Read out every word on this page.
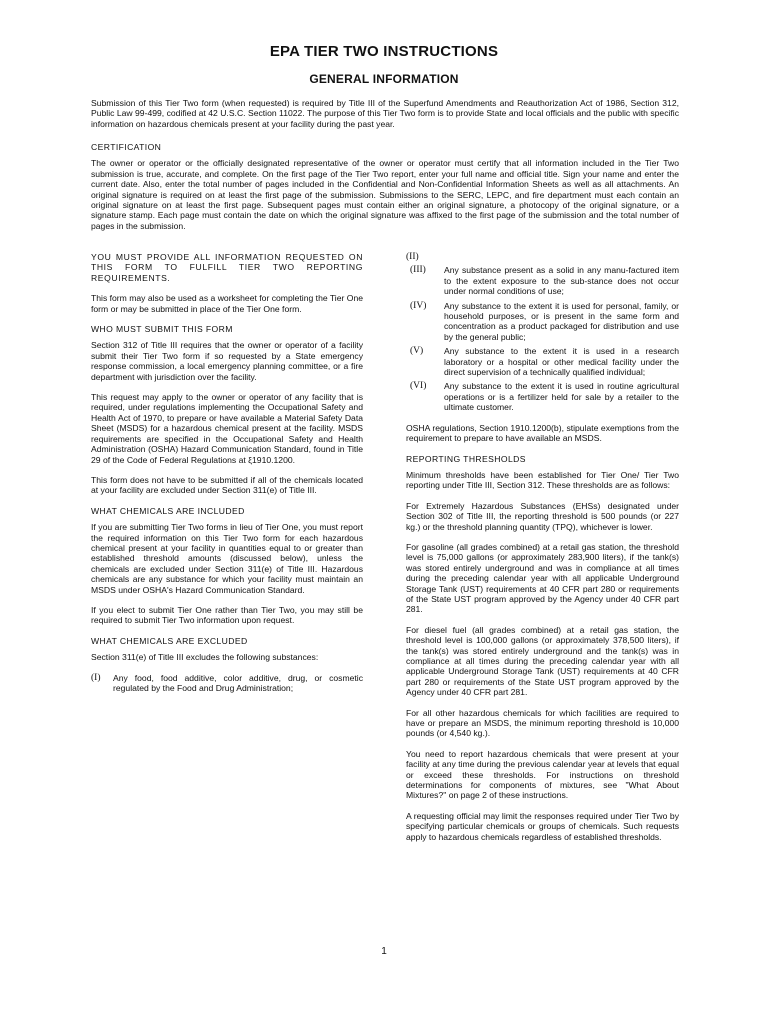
EPA TIER TWO INSTRUCTIONS
GENERAL INFORMATION

Submission of this Tier Two form (when requested) is required by Title III of the Superfund Amendments and Reauthorization Act of 1986, Section 312, Public Law 99-499, codified at 42 U.S.C. Section 11022. The purpose of this Tier Two form is to provide State and local officials and the public with specific information on hazardous chemicals present at your facility during the past year.

CERTIFICATION

The owner or operator or the officially designated representative of the owner or operator must certify that all information included in the Tier Two submission is true, accurate, and complete. On the first page of the Tier Two report, enter your full name and official title. Sign your name and enter the current date. Also, enter the total number of pages included in the Confidential and Non-Confidential Information Sheets as well as all attachments. An original signature is required on at least the first page of the submission. Submissions to the SERC, LEPC, and fire department must each contain an original signature on at least the first page. Subsequent pages must contain either an original signature, a photocopy of the original signature, or a signature stamp. Each page must contain the date on which the original signature was affixed to the first page of the submission and the total number of pages in the submission.

YOU MUST PROVIDE ALL INFORMATION REQUESTED ON THIS FORM TO FULFILL TIER TWO REPORTING REQUIREMENTS.

This form may also be used as a worksheet for completing the Tier One form or may be submitted in place of the Tier One form.

WHO MUST SUBMIT THIS FORM

Section 312 of Title III requires that the owner or operator of a facility submit their Tier Two form if so requested by a State emergency response commission, a local emergency planning committee, or a fire department with jurisdiction over the facility.

This request may apply to the owner or operator of any facility that is required, under regulations implementing the Occupational Safety and Health Act of 1970, to prepare or have available a Material Safety Data Sheet (MSDS) for a hazardous chemical present at the facility. MSDS requirements are specified in the Occupational Safety and Health Administration (OSHA) Hazard Communication Standard, found in Title 29 of the Code of Federal Regulations at ξ1910.1200.

This form does not have to be submitted if all of the chemicals located at your facility are excluded under Section 311(e) of Title III.

WHAT CHEMICALS ARE INCLUDED

If you are submitting Tier Two forms in lieu of Tier One, you must report the required information on this Tier Two form for each hazardous chemical present at your facility in quantities equal to or greater than established threshold amounts (discussed below), unless the chemicals are excluded under Section 311(e) of Title III. Hazardous chemicals are any substance for which your facility must maintain an MSDS under OSHA's Hazard Communication Standard.

If you elect to submit Tier One rather than Tier Two, you may still be required to submit Tier Two information upon request.

WHAT CHEMICALS ARE EXCLUDED

Section 311(e) of Title III excludes the following substances:

(I)	Any food, food additive, color additive, drug, or cosmetic regulated by the Food and Drug Administration;
(II)
(III)	Any substance present as a solid in any manu-factured item to the extent exposure to the sub-stance does not occur under normal conditions of use;
(IV)	Any substance to the extent it is used for personal, family, or household purposes, or is present in the same form and concentration as a product packaged for distribution and use by the general public;
(V)	Any substance to the extent it is used in a research laboratory or a hospital or other medical facility under the direct supervision of a technically qualified individual;
(VI)	Any substance to the extent it is used in routine agricultural operations or is a fertilizer held for sale by a retailer to the ultimate customer.

OSHA regulations, Section 1910.1200(b), stipulate exemptions from the requirement to prepare to have available an MSDS.

REPORTING THRESHOLDS

Minimum thresholds have been established for Tier One/ Tier Two reporting under Title III, Section 312. These thresholds are as follows:

For Extremely Hazardous Substances (EHSs) designated under Section 302 of Title III, the reporting threshold is 500 pounds (or 227 kg.) or the threshold planning quantity (TPQ), whichever is lower.

For gasoline (all grades combined) at a retail gas station, the threshold level is 75,000 gallons (or approximately 283,900 liters), if the tank(s) was stored entirely underground and was in compliance at all times during the preceding calendar year with all applicable Underground Storage Tank (UST) requirements at 40 CFR part 280 or requirements of the State UST program approved by the Agency under 40 CFR part 281.

For diesel fuel (all grades combined) at a retail gas station, the threshold level is 100,000 gallons (or approximately 378,500 liters), if the tank(s) was stored entirely underground and the tank(s) was in compliance at all times during the preceding calendar year with all applicable Underground Storage Tank (UST) requirements at 40 CFR part 280 or requirements of the State UST program approved by the Agency under 40 CFR part 281.

For all other hazardous chemicals for which facilities are required to have or prepare an MSDS, the minimum reporting threshold is 10,000 pounds (or 4,540 kg.).

You need to report hazardous chemicals that were present at your facility at any time during the previous calendar year at levels that equal or exceed these thresholds. For instructions on threshold determinations for components of mixtures, see "What About Mixtures?" on page 2 of these instructions.

A requesting official may limit the responses required under Tier Two by specifying particular chemicals or groups of chemicals. Such requests apply to hazardous chemicals regardless of established thresholds.

1
